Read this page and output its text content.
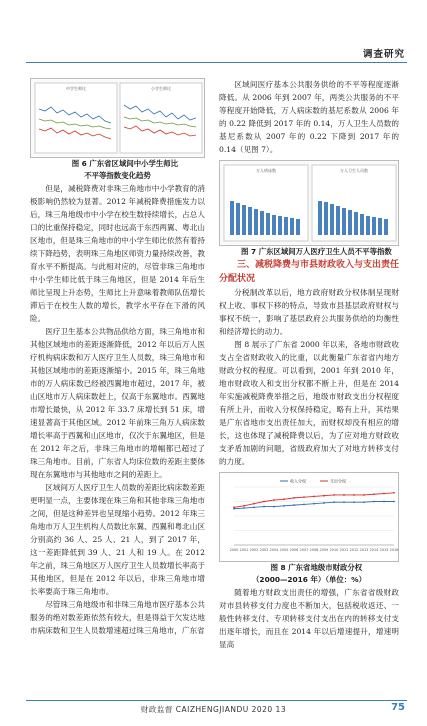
调查研究
中学生师比	小学生师比

图 6 广东省区域间中小学生师比
不平等指数变化趋势

但是，减税降费对非珠三角地市中小学教育的消极影响仍然较为显著。2012 年减税降费措施发力以后，珠三角地级市中小学在校生数持续增长，占总人口的比重保持稳定，同时也远高于东西两翼、粤北山区地市，但是珠三角地市的中小学生师比依然有着持续下降趋势，表明珠三角地区师资力量持续改善，教育水平不断提高。与此相对应的，尽管非珠三角地市中小学生师比低于珠三角地区，但是 2014 年后生师比呈现上升态势，生师比上升意味着教师队伍增长滞后于在校生人数的增长，教学水平存在下滑的风险。

医疗卫生基本公共物品供给方面，珠三角地市和其他区域地市的差距逐渐降低，2012 年以后万人医疗机构病床数和万人医疗卫生人员数，珠三角地市和其他区域地市的差距逐渐缩小。2015 年，珠三角地市的万人病床数已经被西翼地市超过，2017 年，被山区地市万人病床数赶上，仅高于东翼地市。西翼地市增长最快，从 2012 年 33.7 床增长到 51 床，增速显著高于其他区域。2012 年前珠三角万人病床数增长率高于西翼和山区地市，仅次于东翼地区，但是在 2012 年之后，非珠三角地市的增幅都已超过了珠三角地市。目前，广东省人均床位数的差距主要体现在东翼地市与其他地市之间的差距上。

区域间万人医疗卫生人员数的差距比病床数差距更明显一点，主要体现在珠三角和其他非珠三角地市之间，但是这种差异也呈现缩小趋势。2012 年珠三角地市万人卫生机构人员数比东翼、西翼和粤北山区分别高约 36 人、25 人、21 人，到了 2017 年，这一差距降低到 39 人、21 人和 19 人。在 2012 年之前，珠三角地区万人医疗卫生人员数增长率高于其他地区，但是在 2012 年以后，非珠三角地市增长率要高于珠三角地市。

尽管珠三角地级市和非珠三角地市医疗基本公共服务的绝对数差距依然有较大，但是得益于欠发达地市病床数和卫生人员数增速超过珠三角地市，广东省

区域间医疗基本公共服务供给的不平等程度逐渐降低。从 2006 年到 2007 年，两类公共服务的不平等程度开始降低，万人病床数的基尼系数从 2006 年的 0.22 降低到 2017 年的 0.14，万人卫生人员数的基尼系数从 2007 年的 0.22 下降到 2017 年的 0.14（见图 7）。

万人病床数	万人卫生人员数

图 7 广东区域间万人医疗卫生人员不平等指数

三、减税降费与市县财政收入与支出责任分配状况

分税制改革以后，地方政府财政分权体制呈现财权上收、事权下移的特点，导致市县基层政府财权与事权不统一，影响了基层政府公共服务供给的均衡性和经济增长的动力。

图 8 展示了广东省 2000 年以来，各地市财政收支占全省财政收入的比重，以此衡量广东省省内地方财政分权的程度。可以看到，2001 年到 2010 年，地市财政收入和支出分权都不断上升，但是在 2014 年实施减税降费举措之后，地级市财政支出分权程度有所上升，而收入分权保持稳定，略有上升，其结果是广东省地市支出责任加大，而财权却没有相应的增长，这也体现了减税降费以后，为了应对地方财政收支矛盾加剧的问题，省级政府加大了对地方转移支付的力度。

2000 2001 2002 2003 2004 2005 2006 2007 2008 2009 2010 2011 2012 2013 2014 2015 2016
收入分权	支出分权

图 8 广东省地级市财政分权
（2000—2016 年）（单位：%）

随着地方财政支出责任的增强，广东省省级财政对市县转移支付力度也不断加大，包括税收返还、一般性转移支付、专项转移支付支出在内的转移支付支出逐年增长，而且在 2014 年以后增速提升，增速明显高

财政监督 CAIZHENGJIANDU 2020 13	75
